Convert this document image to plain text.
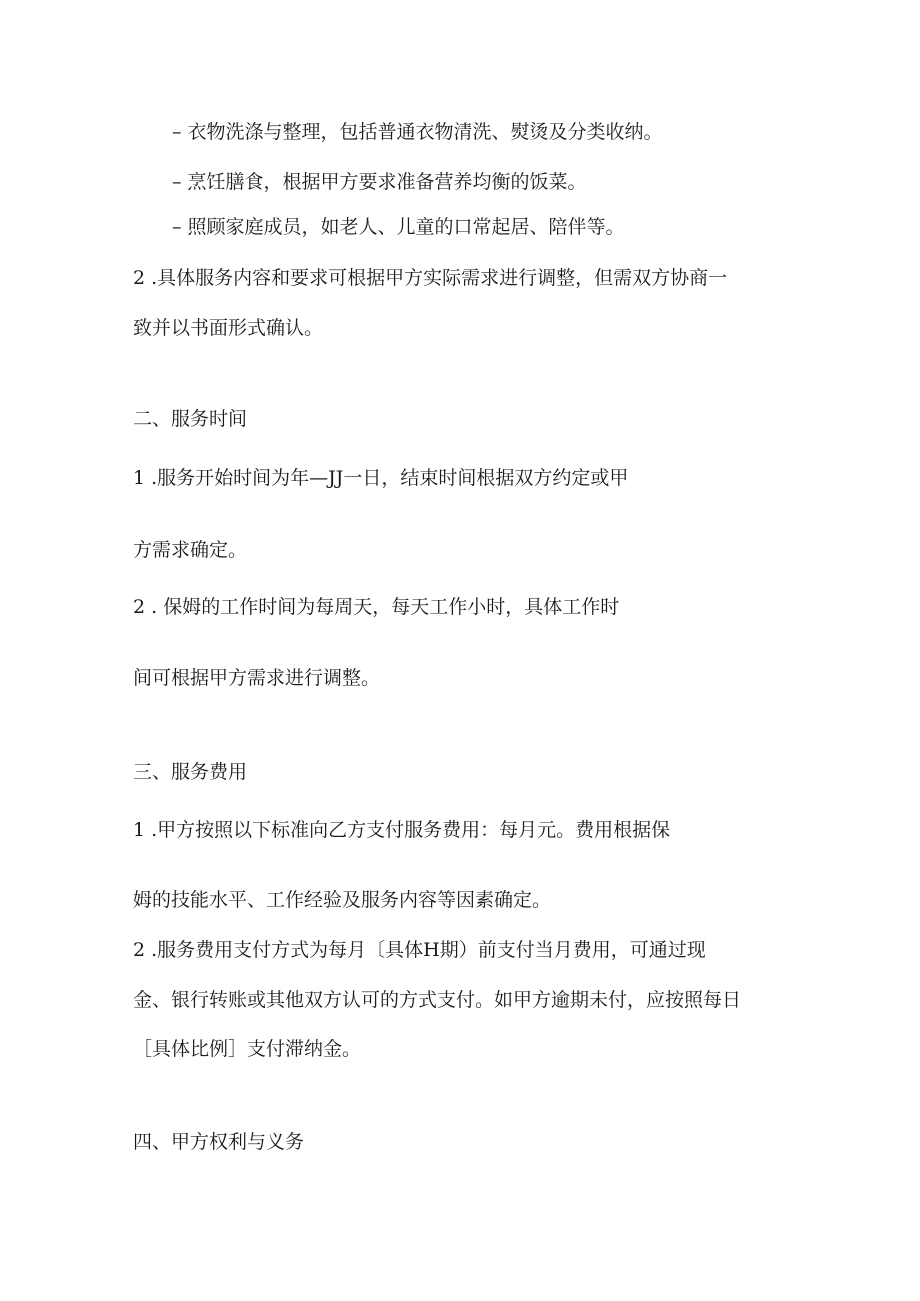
– 衣物洗涤与整理，包括普通衣物清洗、熨烫及分类收纳。
– 烹饪膳食，根据甲方要求准备营养均衡的饭菜。
– 照顾家庭成员，如老人、儿童的口常起居、陪伴等。
2 .具体服务内容和要求可根据甲方实际需求进行调整，但需双方协商一
致并以书面形式确认。
二、服务时间
1 .服务开始时间为年—JJ一日，结束时间根据双方约定或甲
方需求确定。
2 . 保姆的工作时间为每周天，每天工作小时，具体工作时
间可根据甲方需求进行调整。
三、服务费用
1 .甲方按照以下标准向乙方支付服务费用：每月元。费用根据保
姆的技能水平、工作经验及服务内容等因素确定。
2 .服务费用支付方式为每月〔具体H期）前支付当月费用，可通过现
金、银行转账或其他双方认可的方式支付。如甲方逾期未付，应按照每日
［具体比例］支付滞纳金。
四、甲方权利与义务
